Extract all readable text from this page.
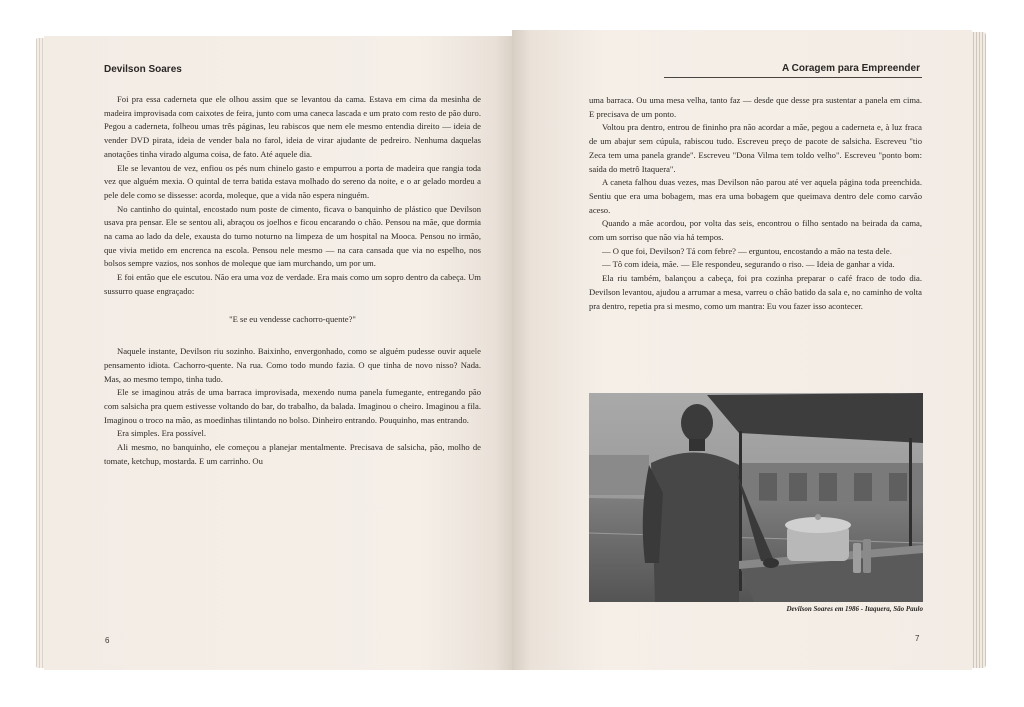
Devilson Soares

Foi pra essa caderneta que ele olhou assim que se levantou da cama. Estava em cima da mesinha de madeira improvisada com caixotes de feira, junto com uma caneca lascada e um prato com resto de pão duro. Pegou a caderneta, folheou umas três páginas, leu rabiscos que nem ele mesmo entendia direito — ideia de vender DVD pirata, ideia de vender bala no farol, ideia de virar ajudante de pedreiro. Nenhuma daquelas anotações tinha virado alguma coisa, de fato. Até aquele dia.

Ele se levantou de vez, enfiou os pés num chinelo gasto e empurrou a porta de madeira que rangia toda vez que alguém mexia. O quintal de terra batida estava molhado do sereno da noite, e o ar gelado mordeu a pele dele como se dissesse: acorda, moleque, que a vida não espera ninguém.

No cantinho do quintal, encostado num poste de cimento, ficava o banquinho de plástico que Devilson usava pra pensar. Ele se sentou ali, abraçou os joelhos e ficou encarando o chão. Pensou na mãe, que dormia na cama ao lado da dele, exausta do turno noturno na limpeza de um hospital na Mooca. Pensou no irmão, que vivia metido em encrenca na escola. Pensou nele mesmo — na cara cansada que via no espelho, nos bolsos sempre vazios, nos sonhos de moleque que iam murchando, um por um.

E foi então que ele escutou. Não era uma voz de verdade. Era mais como um sopro dentro da cabeça. Um sussurro quase engraçado:

"E se eu vendesse cachorro-quente?"

Naquele instante, Devilson riu sozinho. Baixinho, envergonhado, como se alguém pudesse ouvir aquele pensamento idiota. Cachorro-quente. Na rua. Como todo mundo fazia. O que tinha de novo nisso? Nada. Mas, ao mesmo tempo, tinha tudo.

Ele se imaginou atrás de uma barraca improvisada, mexendo numa panela fumegante, entregando pão com salsicha pra quem estivesse voltando do bar, do trabalho, da balada. Imaginou o cheiro. Imaginou a fila. Imaginou o troco na mão, as moedinhas tilintando no bolso. Dinheiro entrando. Pouquinho, mas entrando.

Era simples. Era possível.

Ali mesmo, no banquinho, ele começou a planejar mentalmente. Precisava de salsicha, pão, molho de tomate, ketchup, mostarda. E um carrinho. Ou

6
A Coragem para Empreender

uma barraca. Ou uma mesa velha, tanto faz — desde que desse pra sustentar a panela em cima. E precisava de um ponto.

Voltou pra dentro, entrou de fininho pra não acordar a mãe, pegou a caderneta e, à luz fraca de um abajur sem cúpula, rabiscou tudo. Escreveu preço de pacote de salsicha. Escreveu "tio Zeca tem uma panela grande". Escreveu "Dona Vilma tem toldo velho". Escreveu "ponto bom: saída do metrô Itaquera".

A caneta falhou duas vezes, mas Devilson não parou até ver aquela página toda preenchida. Sentiu que era uma bobagem, mas era uma bobagem que queimava dentro dele como carvão aceso.

Quando a mãe acordou, por volta das seis, encontrou o filho sentado na beirada da cama, com um sorriso que não via há tempos.

— O que foi, Devilson? Tá com febre? — erguntou, encostando a mão na testa dele.

— Tô com ideia, mãe. — Ele respondeu, segurando o riso. — Ideia de ganhar a vida.

Ela riu também, balançou a cabeça, foi pra cozinha preparar o café fraco de todo dia. Devilson levantou, ajudou a arrumar a mesa, varreu o chão batido da sala e, no caminho de volta pra dentro, repetia pra si mesmo, como um mantra: Eu vou fazer isso acontecer.

Devilson Soares em 1986 - Itaquera, São Paulo
7
